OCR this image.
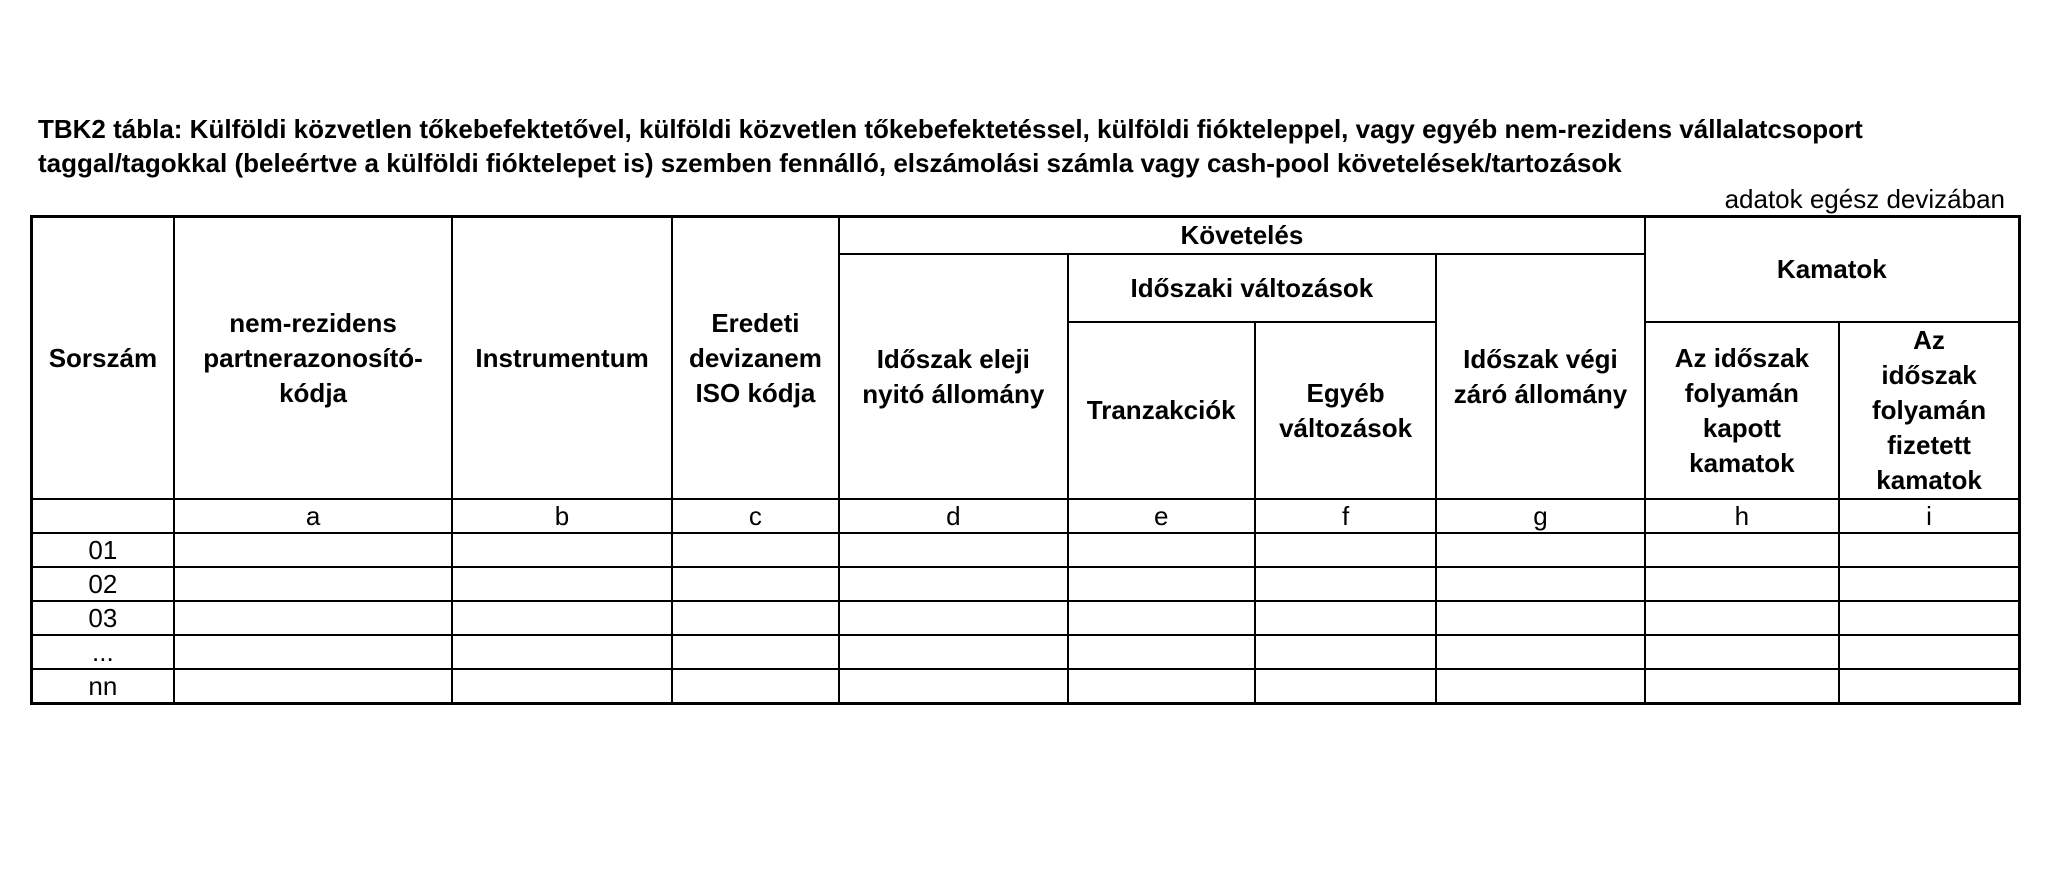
TBK2 tábla: Külföldi közvetlen tőkebefektetővel, külföldi közvetlen tőkebefektetéssel, külföldi fiókteleppel, vagy egyéb nem-rezidens vállalatcsoport
taggal/tagokkal (beleértve a külföldi fióktelepet is) szemben fennálló, elszámolási számla vagy cash-pool követelések/tartozások
adatok egész devizában
Sorszám	nem-rezidens partnerazonosító-kódja	Instrumentum	Eredeti devizanem ISO kódja	Követelés				Kamatok	
				Időszak eleji nyitó állomány	Időszaki változások		Időszak végi záró állomány		
					Tranzakciók	Egyéb változások		Az időszak folyamán kapott kamatok	Az időszak folyamán fizetett kamatok
	a	b	c	d	e	f	g	h	i
01									
02									
03									
...									
nn									
